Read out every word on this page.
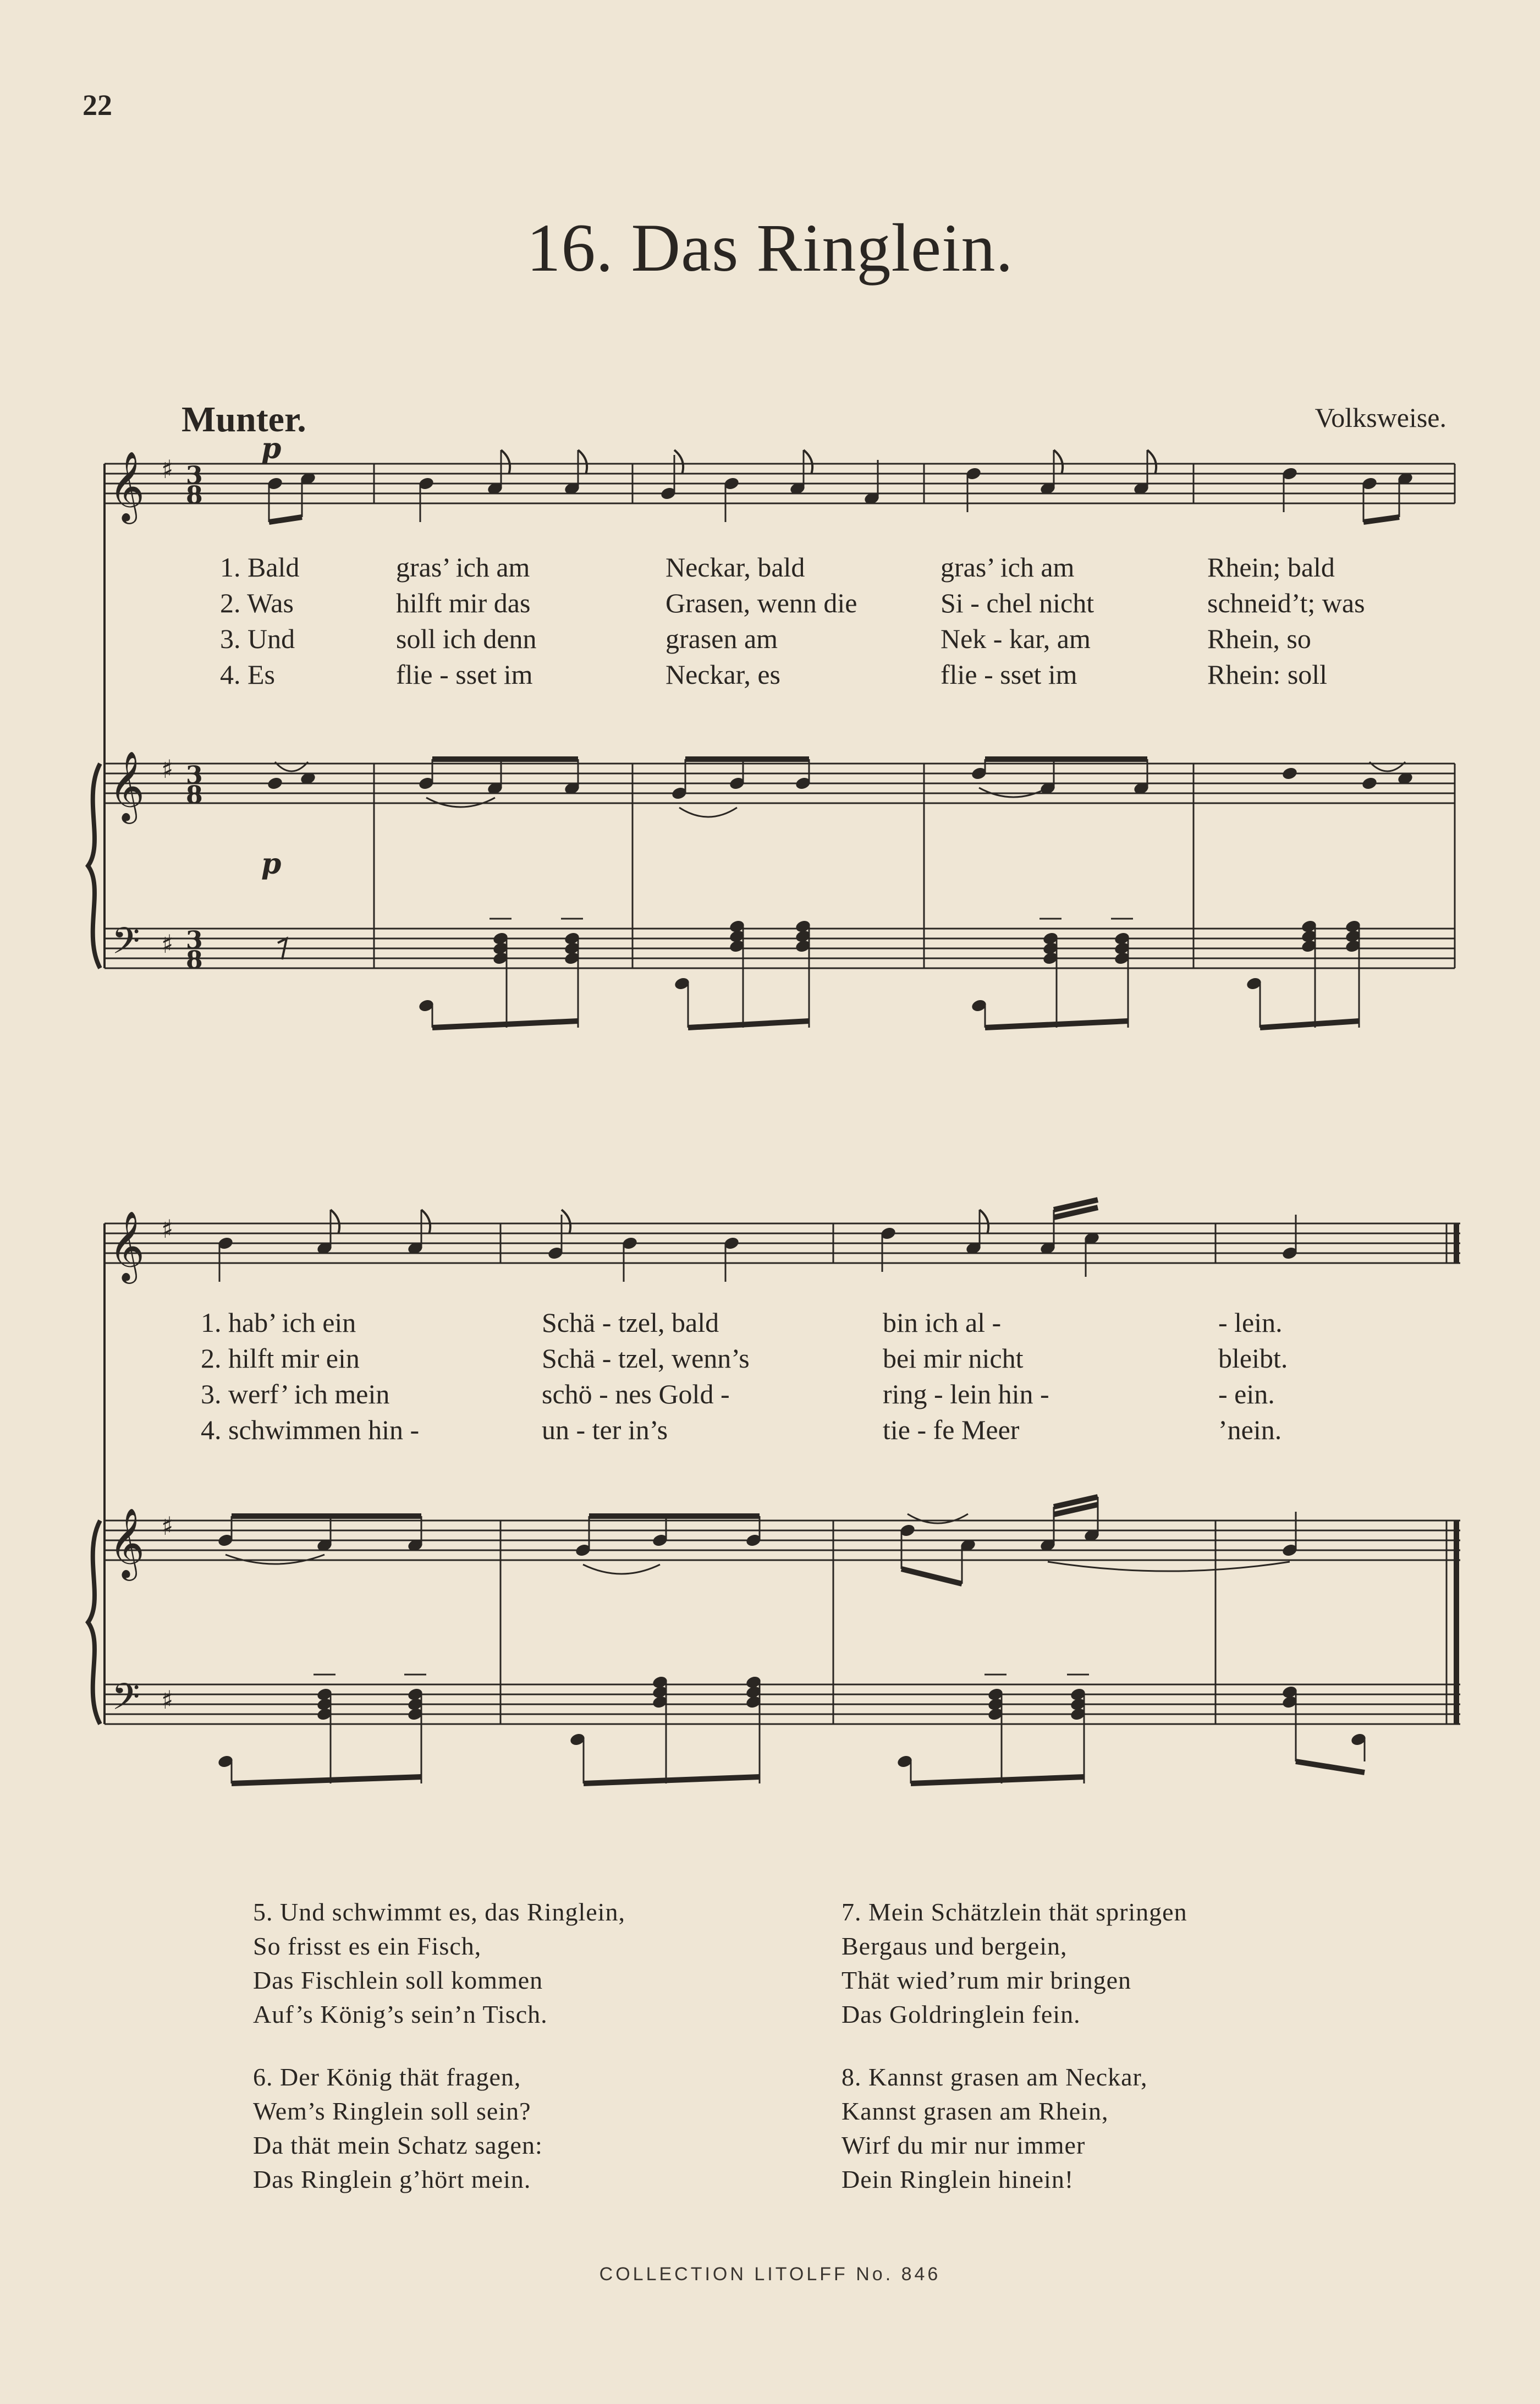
22
16. Das Ringlein.
Munter.	Volksweise.
𝄞 ♯ 3
8
𝄞 ♯ 3
8
𝄢 ♯ 3
8
p
p
𝄞 ♯
𝄞 ♯
𝄢 ♯
1. Bald	gras’ ich am	Neckar, bald	gras’ ich am	Rhein; bald
2. Was	hilft mir das	Grasen, wenn die	Si - chel nicht	schneid’t; was
3. Und	soll ich denn	grasen am	Nek - kar, am	Rhein, so
4. Es	flie - sset im	Neckar, es	flie - sset im	Rhein: soll
1. hab’ ich ein	Schä - tzel, bald	bin ich al -	- lein.
2. hilft mir ein	Schä - tzel, wenn’s	bei mir nicht	bleibt.
3. werf’ ich mein	schö - nes Gold -	ring - lein hin -	- ein.
4. schwimmen hin -	un - ter in’s	tie - fe Meer	’nein.
5. Und schwimmt es, das Ringlein,
So frisst es ein Fisch,
Das Fischlein soll kommen
Auf’s König’s sein’n Tisch.
6. Der König thät fragen,
Wem’s Ringlein soll sein?
Da thät mein Schatz sagen:
Das Ringlein g’hört mein.
7. Mein Schätzlein thät springen
Bergaus und bergein,
Thät wied’rum mir bringen
Das Goldringlein fein.
8. Kannst grasen am Neckar,
Kannst grasen am Rhein,
Wirf du mir nur immer
Dein Ringlein hinein!
COLLECTION LITOLFF No. 846
